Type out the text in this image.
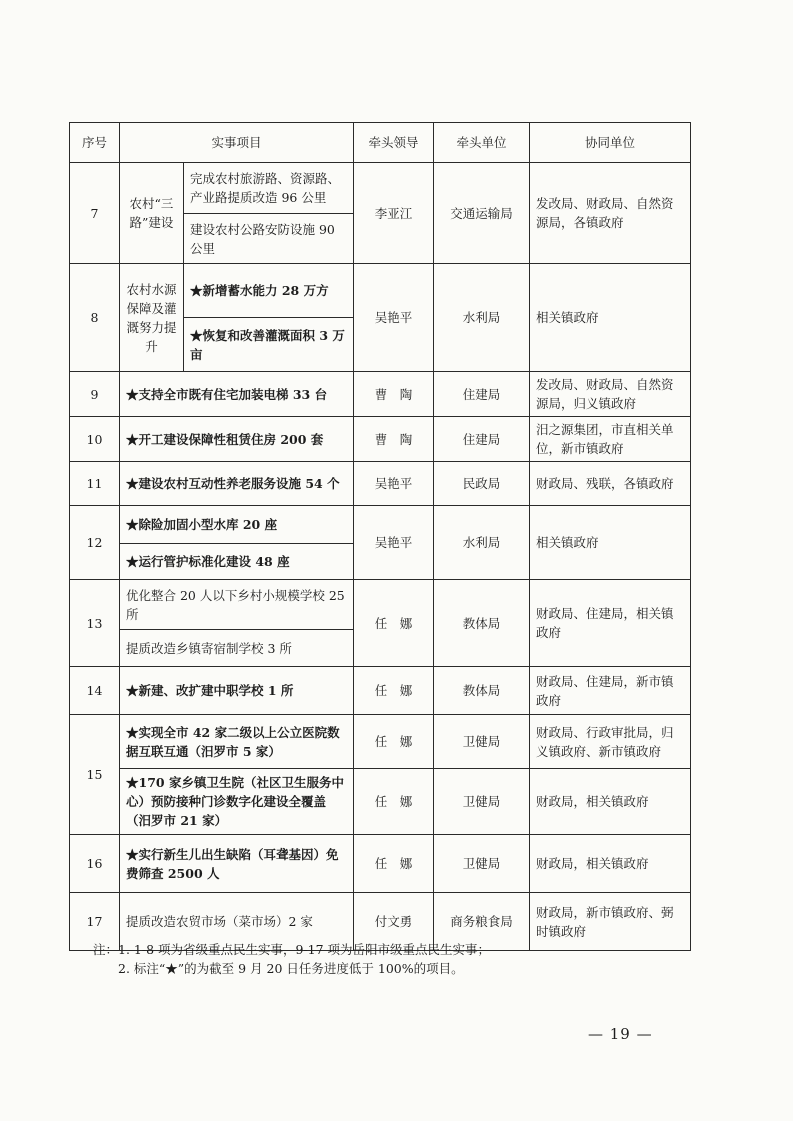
序号	实事项目		牵头领导	牵头单位	协同单位
7	农村“三路”建设	完成农村旅游路、资源路、产业路提质改造 96 公里	李亚江	交通运输局	发改局、财政局、自然资源局，各镇政府
		建设农村公路安防设施 90 公里			
8	农村水源保障及灌溉努力提升	★新增蓄水能力 28 万方	吴艳平	水利局	相关镇政府
		★恢复和改善灌溉面积 3 万亩			
9	★支持全市既有住宅加装电梯 33 台		曹　陶	住建局	发改局、财政局、自然资源局，归义镇政府
10	★开工建设保障性租赁住房 200 套		曹　陶	住建局	汨之源集团，市直相关单位，新市镇政府
11	★建设农村互动性养老服务设施 54 个		吴艳平	民政局	财政局、残联，各镇政府
12	★除险加固小型水库 20 座		吴艳平	水利局	相关镇政府
	★运行管护标准化建设 48 座				
13	优化整合 20 人以下乡村小规模学校 25 所		任　娜	教体局	财政局、住建局，相关镇政府
	提质改造乡镇寄宿制学校 3 所				
14	★新建、改扩建中职学校 1 所		任　娜	教体局	财政局、住建局，新市镇政府
15	★实现全市 42 家二级以上公立医院数据互联互通（汨罗市 5 家）		任　娜	卫健局	财政局、行政审批局，归义镇政府、新市镇政府
	★170 家乡镇卫生院（社区卫生服务中心）预防接种门诊数字化建设全覆盖（汨罗市 21 家）		任　娜	卫健局	财政局，相关镇政府
16	★实行新生儿出生缺陷（耳聋基因）免费筛查 2500 人		任　娜	卫健局	财政局，相关镇政府
17	提质改造农贸市场（菜市场）2 家		付文勇	商务粮食局	财政局，新市镇政府、弼时镇政府
注：1. 1-8 项为省级重点民生实事，9-17 项为岳阳市级重点民生实事；
2. 标注“★”的为截至 9 月 20 日任务进度低于 100%的项目。
— 19 —
